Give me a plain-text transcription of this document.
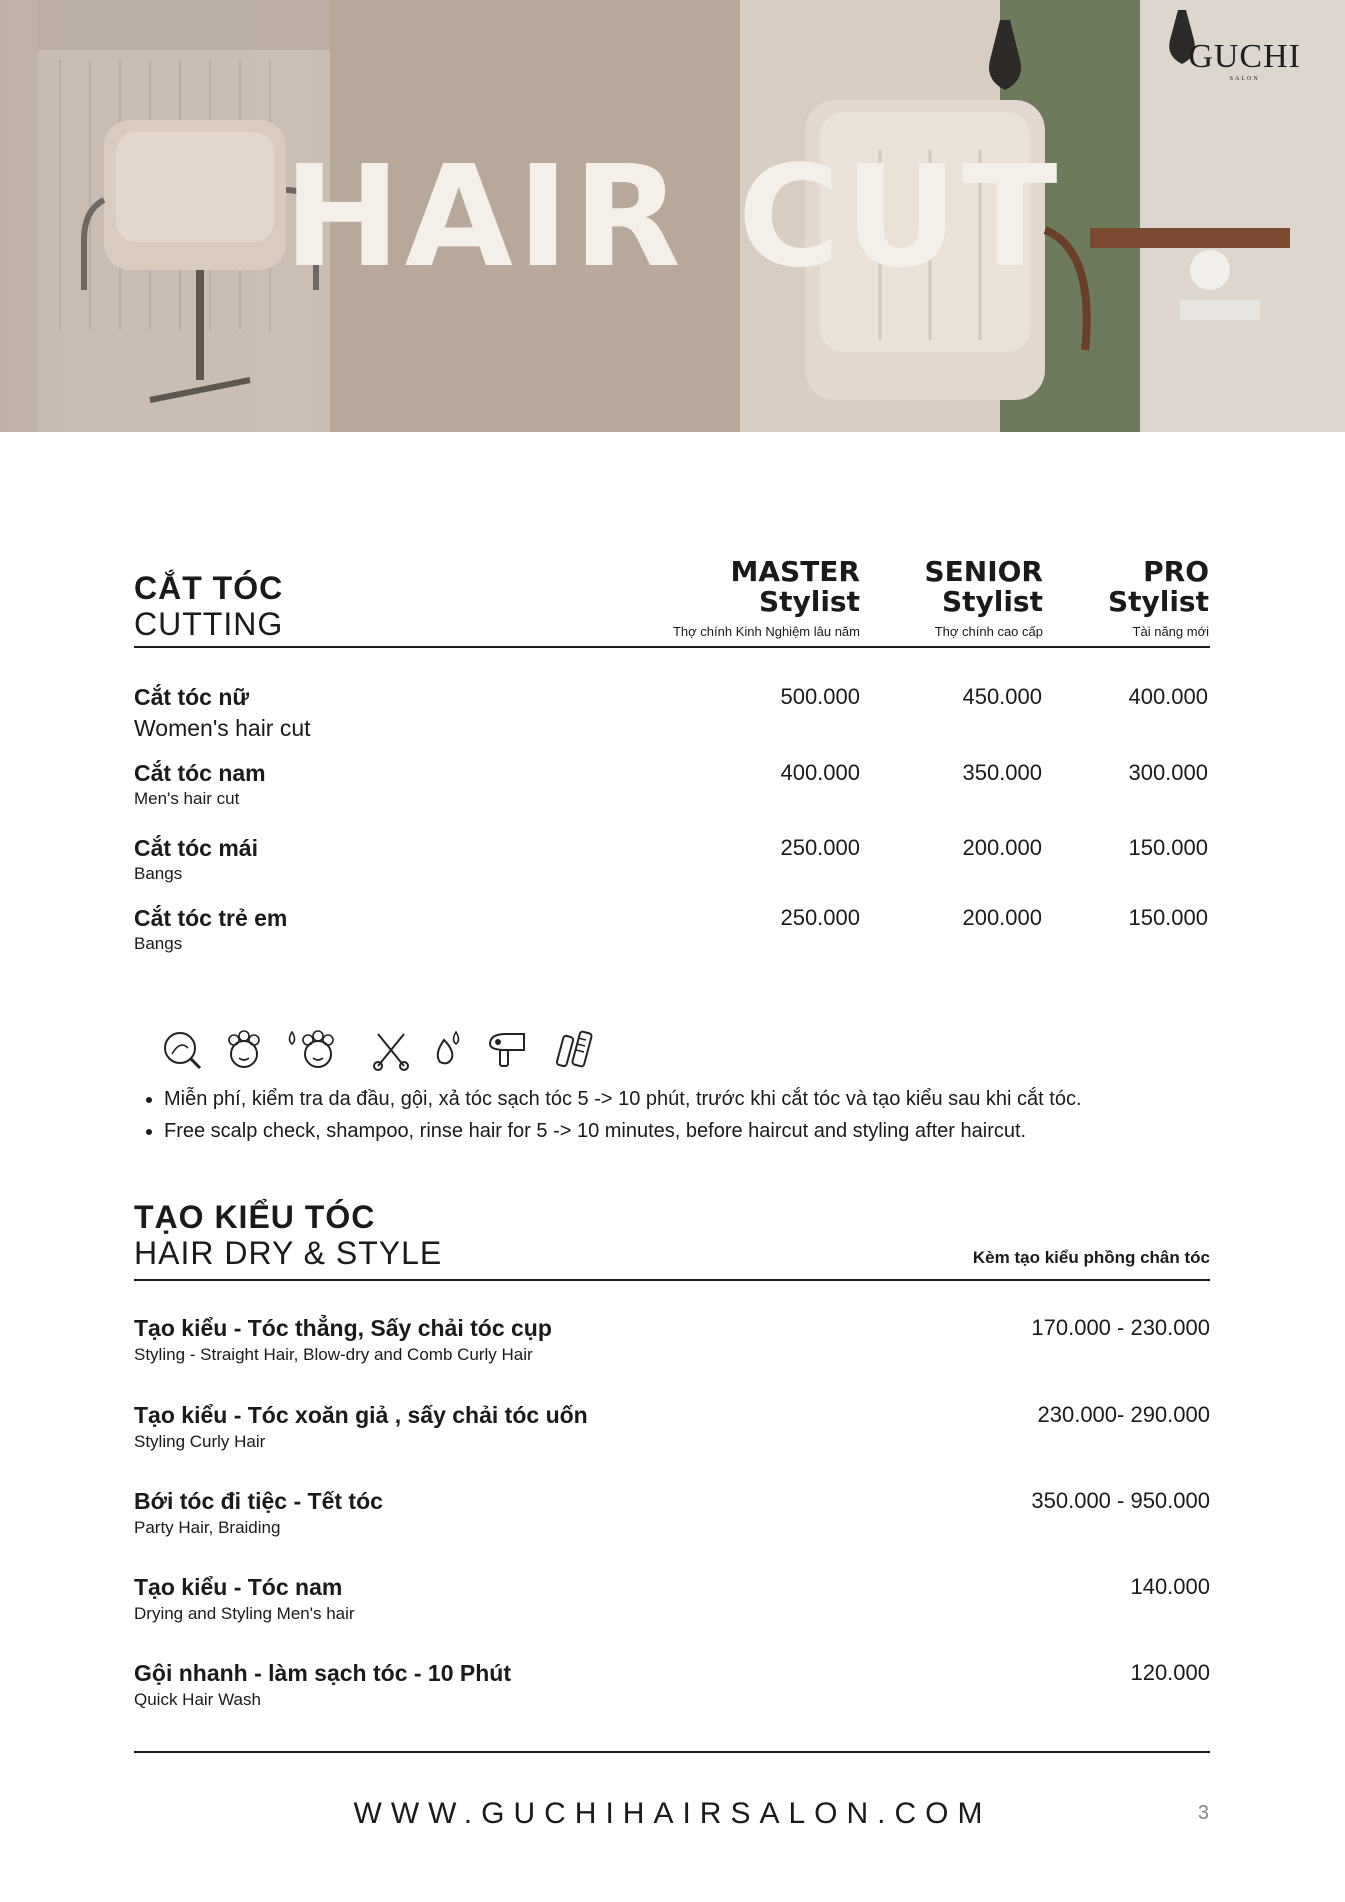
HAIR CUT
GUCHI
SALON
CẮT TÓC
CUTTING
MASTER
Stylist
Thợ chính Kinh Nghiệm lâu năm
SENIOR
Stylist
Thợ chính cao cấp
PRO
Stylist
Tài năng mới
Cắt tóc nữ
Women's hair cut
500.000	450.000	400.000
Cắt tóc nam
Men's hair cut
400.000	350.000	300.000
Cắt tóc mái
Bangs
250.000	200.000	150.000
Cắt tóc trẻ em
Bangs
250.000	200.000	150.000
• Miễn phí, kiểm tra da đầu, gội, xả tóc sạch tóc 5 -> 10 phút, trước khi cắt tóc và tạo kiểu sau khi cắt tóc.
• Free scalp check, shampoo, rinse hair for 5 -> 10 minutes, before haircut and styling after haircut.
TẠO KIỂU TÓC
HAIR DRY & STYLE	Kèm tạo kiểu phồng chân tóc
Tạo kiểu - Tóc thẳng, Sấy chải tóc cụp
Styling - Straight Hair, Blow-dry and Comb Curly Hair
170.000 - 230.000
Tạo kiểu - Tóc xoăn giả , sấy chải tóc uốn
Styling Curly Hair
230.000- 290.000
Bới tóc đi tiệc - Tết tóc
Party Hair, Braiding
350.000 - 950.000
Tạo kiểu - Tóc nam
Drying and Styling Men's hair
140.000
Gội nhanh - làm sạch tóc - 10 Phút
Quick Hair Wash
120.000
WWW.GUCHIHAIRSALON.COM	3
